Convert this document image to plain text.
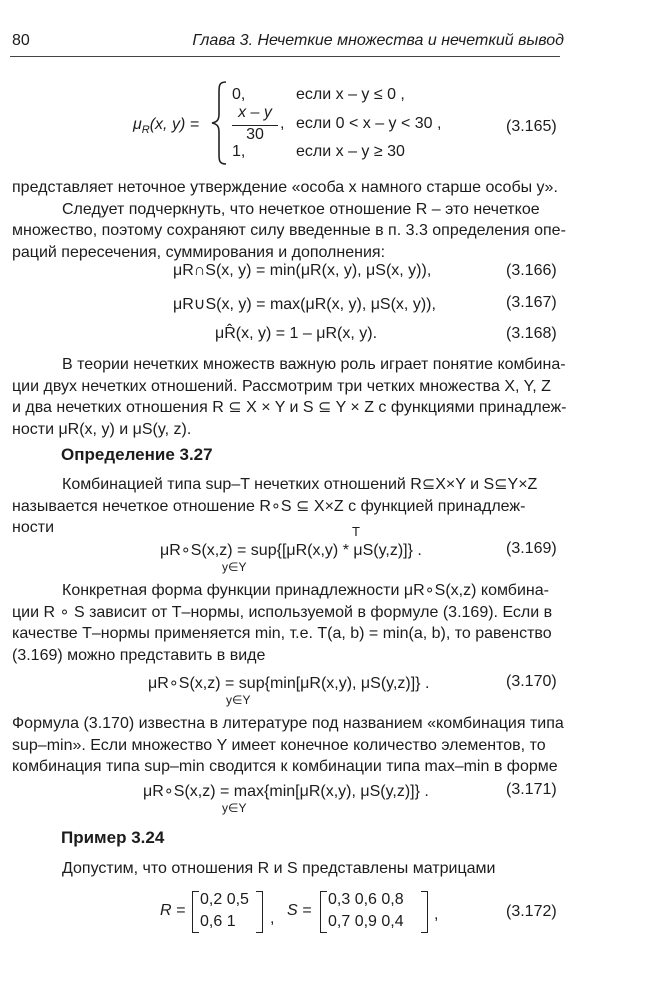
80	Глава 3. Нечеткие множества и нечеткий вывод
$\mu_R(x$, y) =
0,	если x – y ≤ 0 ,
x – y
30
, если 0 < x – y < 30 ,
1,	если x – y ≥ 30
(3.165)
представляет неточное утверждение «особа x намного старше особы y».
Следует подчеркнуть, что нечеткое отношение R – это нечеткое
множество, поэтому сохраняют силу введенные в п. 3.3 определения опе-
раций пересечения, суммирования и дополнения:
μR∩S(x, y) = min(μR(x, y), μS(x, y)),	(3.166)
μR∪S(x, y) = max(μR(x, y), μS(x, y)),	(3.167)
μR̂(x, y) = 1 – μR(x, y).	(3.168)
В теории нечетких множеств важную роль играет понятие комбина-
ции двух нечетких отношений. Рассмотрим три четких множества X, Y, Z
и два нечетких отношения R ⊆ X × Y и S ⊆ Y × Z с функциями принадлеж-
ности μR(x, y) и μS(y, z).
Определение 3.27
Комбинацией типа sup–T нечетких отношений R⊆X×Y и S⊆Y×Z
называется нечеткое отношение R∘S ⊆ X×Z с функцией принадлеж-
ности	T
μR∘S(x,z) = sup{[μR(x,y) * μS(y,z)]} .
y∈Y
(3.169)
Конкретная форма функции принадлежности μR∘S(x,z) комбина-
ции R ∘ S зависит от T–нормы, используемой в формуле (3.169). Если в
качестве T–нормы применяется min, т.е. T(a, b) = min(a, b), то равенство
(3.169) можно представить в виде
μR∘S(x,z) = sup{min[μR(x,y), μS(y,z)]} .
y∈Y
(3.170)
Формула (3.170) известна в литературе под названием «комбинация типа
sup–min». Если множество Y имеет конечное количество элементов, то
комбинация типа sup–min сводится к комбинации типа max–min в форме
μR∘S(x,z) = max{min[μR(x,y), μS(y,z)]} .
y∈Y
(3.171)
Пример 3.24
Допустим, что отношения R и S представлены матрицами
R =
0,2 0,5
0,6 1 , S =
0,3 0,6 0,8
0,7 0,9 0,4 ,	(3.172)
